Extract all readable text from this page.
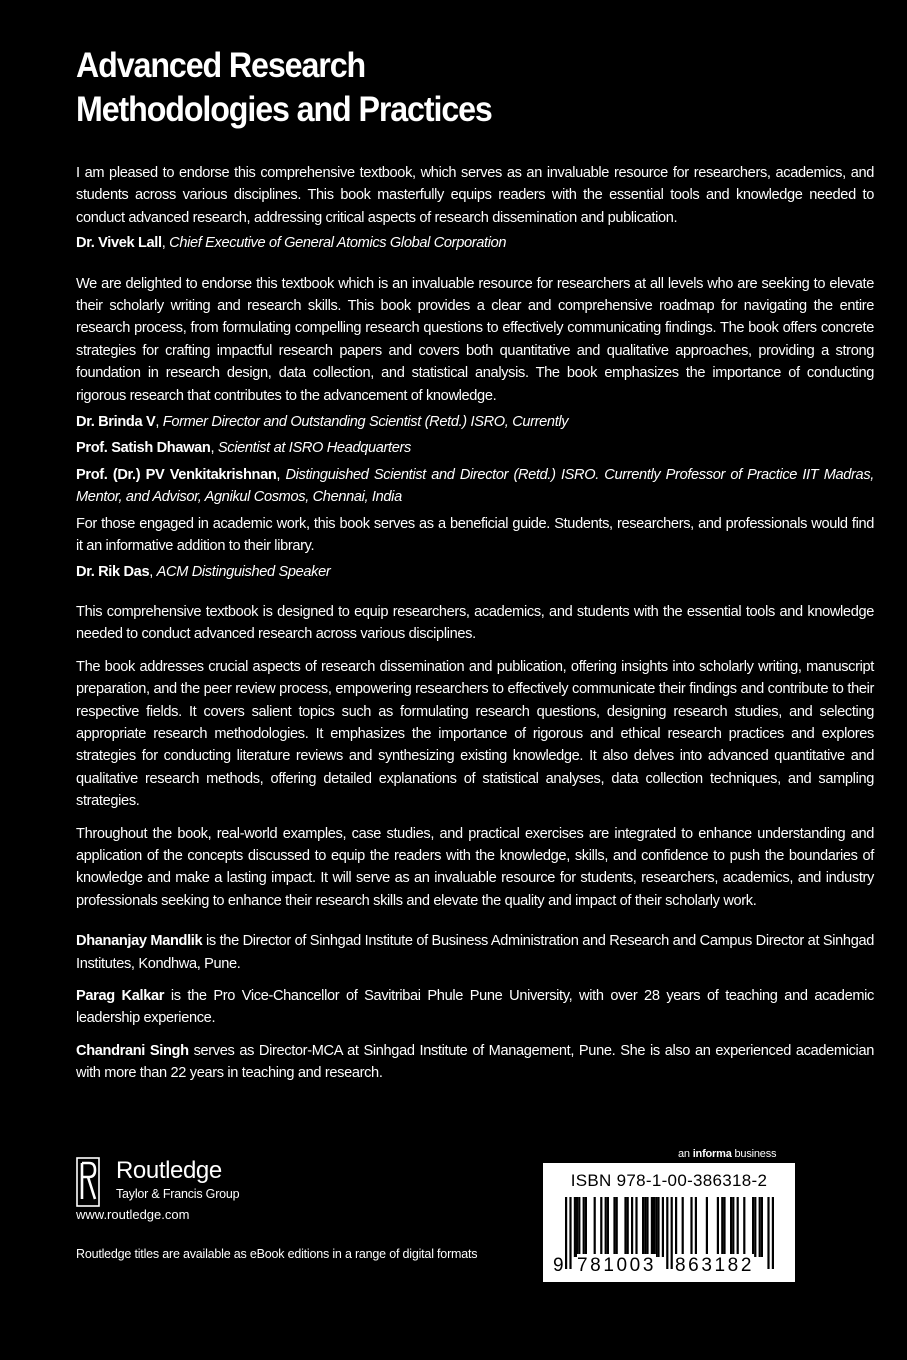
Advanced Research
Methodologies and Practices

I am pleased to endorse this comprehensive textbook, which serves as an invaluable resource for researchers, academics, and students across various disciplines. This book masterfully equips readers with the essential tools and knowledge needed to conduct advanced research, addressing critical aspects of research dissemination and publication.

Dr. Vivek Lall, Chief Executive of General Atomics Global Corporation

We are delighted to endorse this textbook which is an invaluable resource for researchers at all levels who are seeking to elevate their scholarly writing and research skills. This book provides a clear and comprehensive roadmap for navigating the entire research process, from formulating compelling research questions to effectively communicating findings. The book offers concrete strategies for crafting impactful research papers and covers both quantitative and qualitative approaches, providing a strong foundation in research design, data collection, and statistical analysis. The book emphasizes the importance of conducting rigorous research that contributes to the advancement of knowledge.

Dr. Brinda V, Former Director and Outstanding Scientist (Retd.) ISRO, Currently

Prof. Satish Dhawan, Scientist at ISRO Headquarters

Prof. (Dr.) PV Venkitakrishnan, Distinguished Scientist and Director (Retd.) ISRO. Currently Professor of Practice IIT Madras, Mentor, and Advisor, Agnikul Cosmos, Chennai, India

For those engaged in academic work, this book serves as a beneficial guide. Students, researchers, and professionals would find it an informative addition to their library.

Dr. Rik Das, ACM Distinguished Speaker

This comprehensive textbook is designed to equip researchers, academics, and students with the essential tools and knowledge needed to conduct advanced research across various disciplines.

The book addresses crucial aspects of research dissemination and publication, offering insights into scholarly writing, manuscript preparation, and the peer review process, empowering researchers to effectively communicate their findings and contribute to their respective fields. It covers salient topics such as formulating research questions, designing research studies, and selecting appropriate research methodologies. It emphasizes the importance of rigorous and ethical research practices and explores strategies for conducting literature reviews and synthesizing existing knowledge. It also delves into advanced quantitative and qualitative research methods, offering detailed explanations of statistical analyses, data collection techniques, and sampling strategies.

Throughout the book, real-world examples, case studies, and practical exercises are integrated to enhance understanding and application of the concepts discussed to equip the readers with the knowledge, skills, and confidence to push the boundaries of knowledge and make a lasting impact. It will serve as an invaluable resource for students, researchers, academics, and industry professionals seeking to enhance their research skills and elevate the quality and impact of their scholarly work.

Dhananjay Mandlik is the Director of Sinhgad Institute of Business Administration and Research and Campus Director at Sinhgad Institutes, Kondhwa, Pune.

Parag Kalkar is the Pro Vice-Chancellor of Savitribai Phule Pune University, with over 28 years of teaching and academic leadership experience.

Chandrani Singh serves as Director-MCA at Sinhgad Institute of Management, Pune. She is also an experienced academician with more than 22 years in teaching and research.

Routledge
Taylor & Francis Group
www.routledge.com
Routledge titles are available as eBook editions in a range of digital formats
an informa business
ISBN 978-1-00-386318-2
9 781003 863182
